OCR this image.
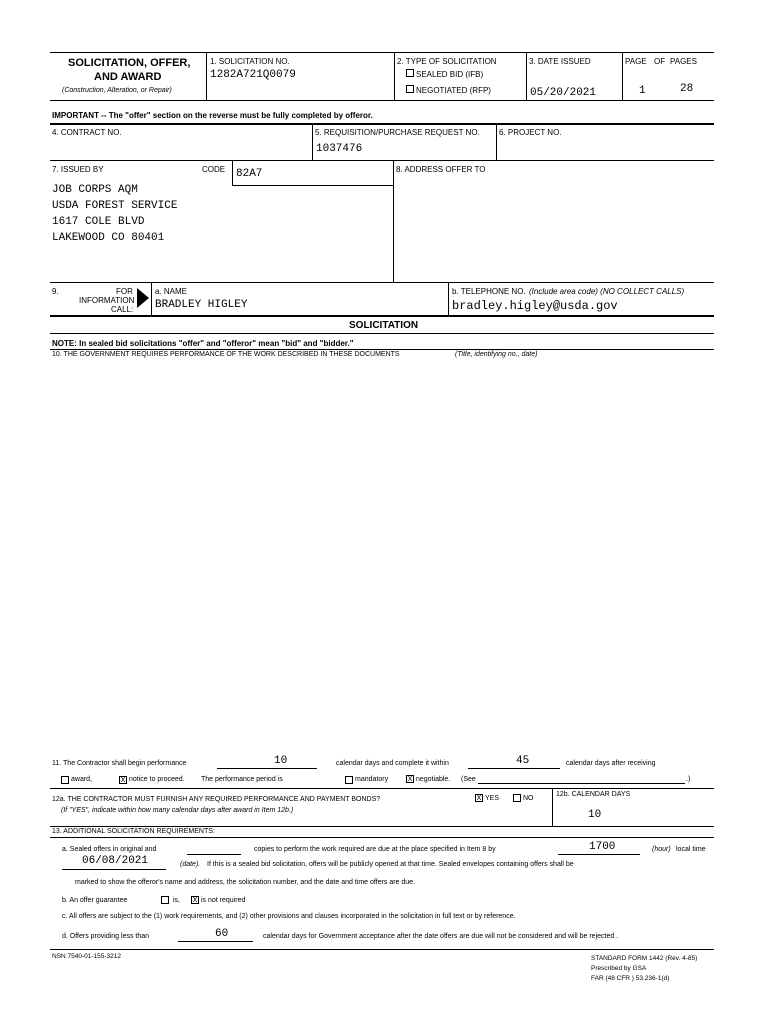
SOLICITATION, OFFER,
AND AWARD
(Construction, Alteration, or Repair)
1. SOLICITATION NO.
1282A721Q0079
2. TYPE OF SOLICITATION
SEALED BID (IFB)
NEGOTIATED (RFP)
3. DATE ISSUED
05/20/2021
PAGE OF PAGES
1	28
IMPORTANT -- The "offer" section on the reverse must be fully completed by offeror.
4. CONTRACT NO.	5. REQUISITION/PURCHASE REQUEST NO.
1037476
6. PROJECT NO.
7. ISSUED BY	CODE 82A7	8. ADDRESS OFFER TO
JOB CORPS AQM
USDA FOREST SERVICE
1617 COLE BLVD
LAKEWOOD CO 80401
9.	FOR
INFORMATION
CALL:
a. NAME
BRADLEY HIGLEY
b. TELEPHONE NO. (Include area code) (NO COLLECT CALLS)
bradley.higley@usda.gov
SOLICITATION
NOTE: In sealed bid solicitations "offer" and "offeror" mean "bid" and "bidder."
10. THE GOVERNMENT REQUIRES PERFORMANCE OF THE WORK DESCRIBED IN THESE DOCUMENTS	(Title, identifying no., date)
11. The Contractor shall begin performance	10	calendar days and complete it within	45	calendar days after receiving
award,	X notice to proceed. The performance period is	mandatory	X negotiable. (See	.)
12a. THE CONTRACTOR MUST FURNISH ANY REQUIRED PERFORMANCE AND PAYMENT BONDS?
(If "YES", indicate within how many calendar days after award in Item 12b.)
X YES	NO
12b. CALENDAR DAYS
10
13. ADDITIONAL SOLICITATION REQUIREMENTS:
a. Sealed offers in original and	copies to perform the work required are due at the place specified in Item 8 by	1700	(hour) local time
06/08/2021	(date). If this is a sealed bid solicitation, offers will be publicly opened at that time. Sealed envelopes containing offers shall be
marked to show the offeror's name and address, the solicitation number, and the date and time offers are due.
b. An offer guarantee	is, X is not required
c. All offers are subject to the (1) work requirements, and (2) other provisions and clauses incorporated in the solicitation in full text or by reference.
d. Offers providing less than	60	calendar days for Government acceptance after the date offers are due will not be considered and will be rejected .
NSN 7540-01-155-3212	STANDARD FORM 1442 (Rev. 4-85)
Prescribed by GSA
FAR (48 CFR ) 53.236-1(d)
